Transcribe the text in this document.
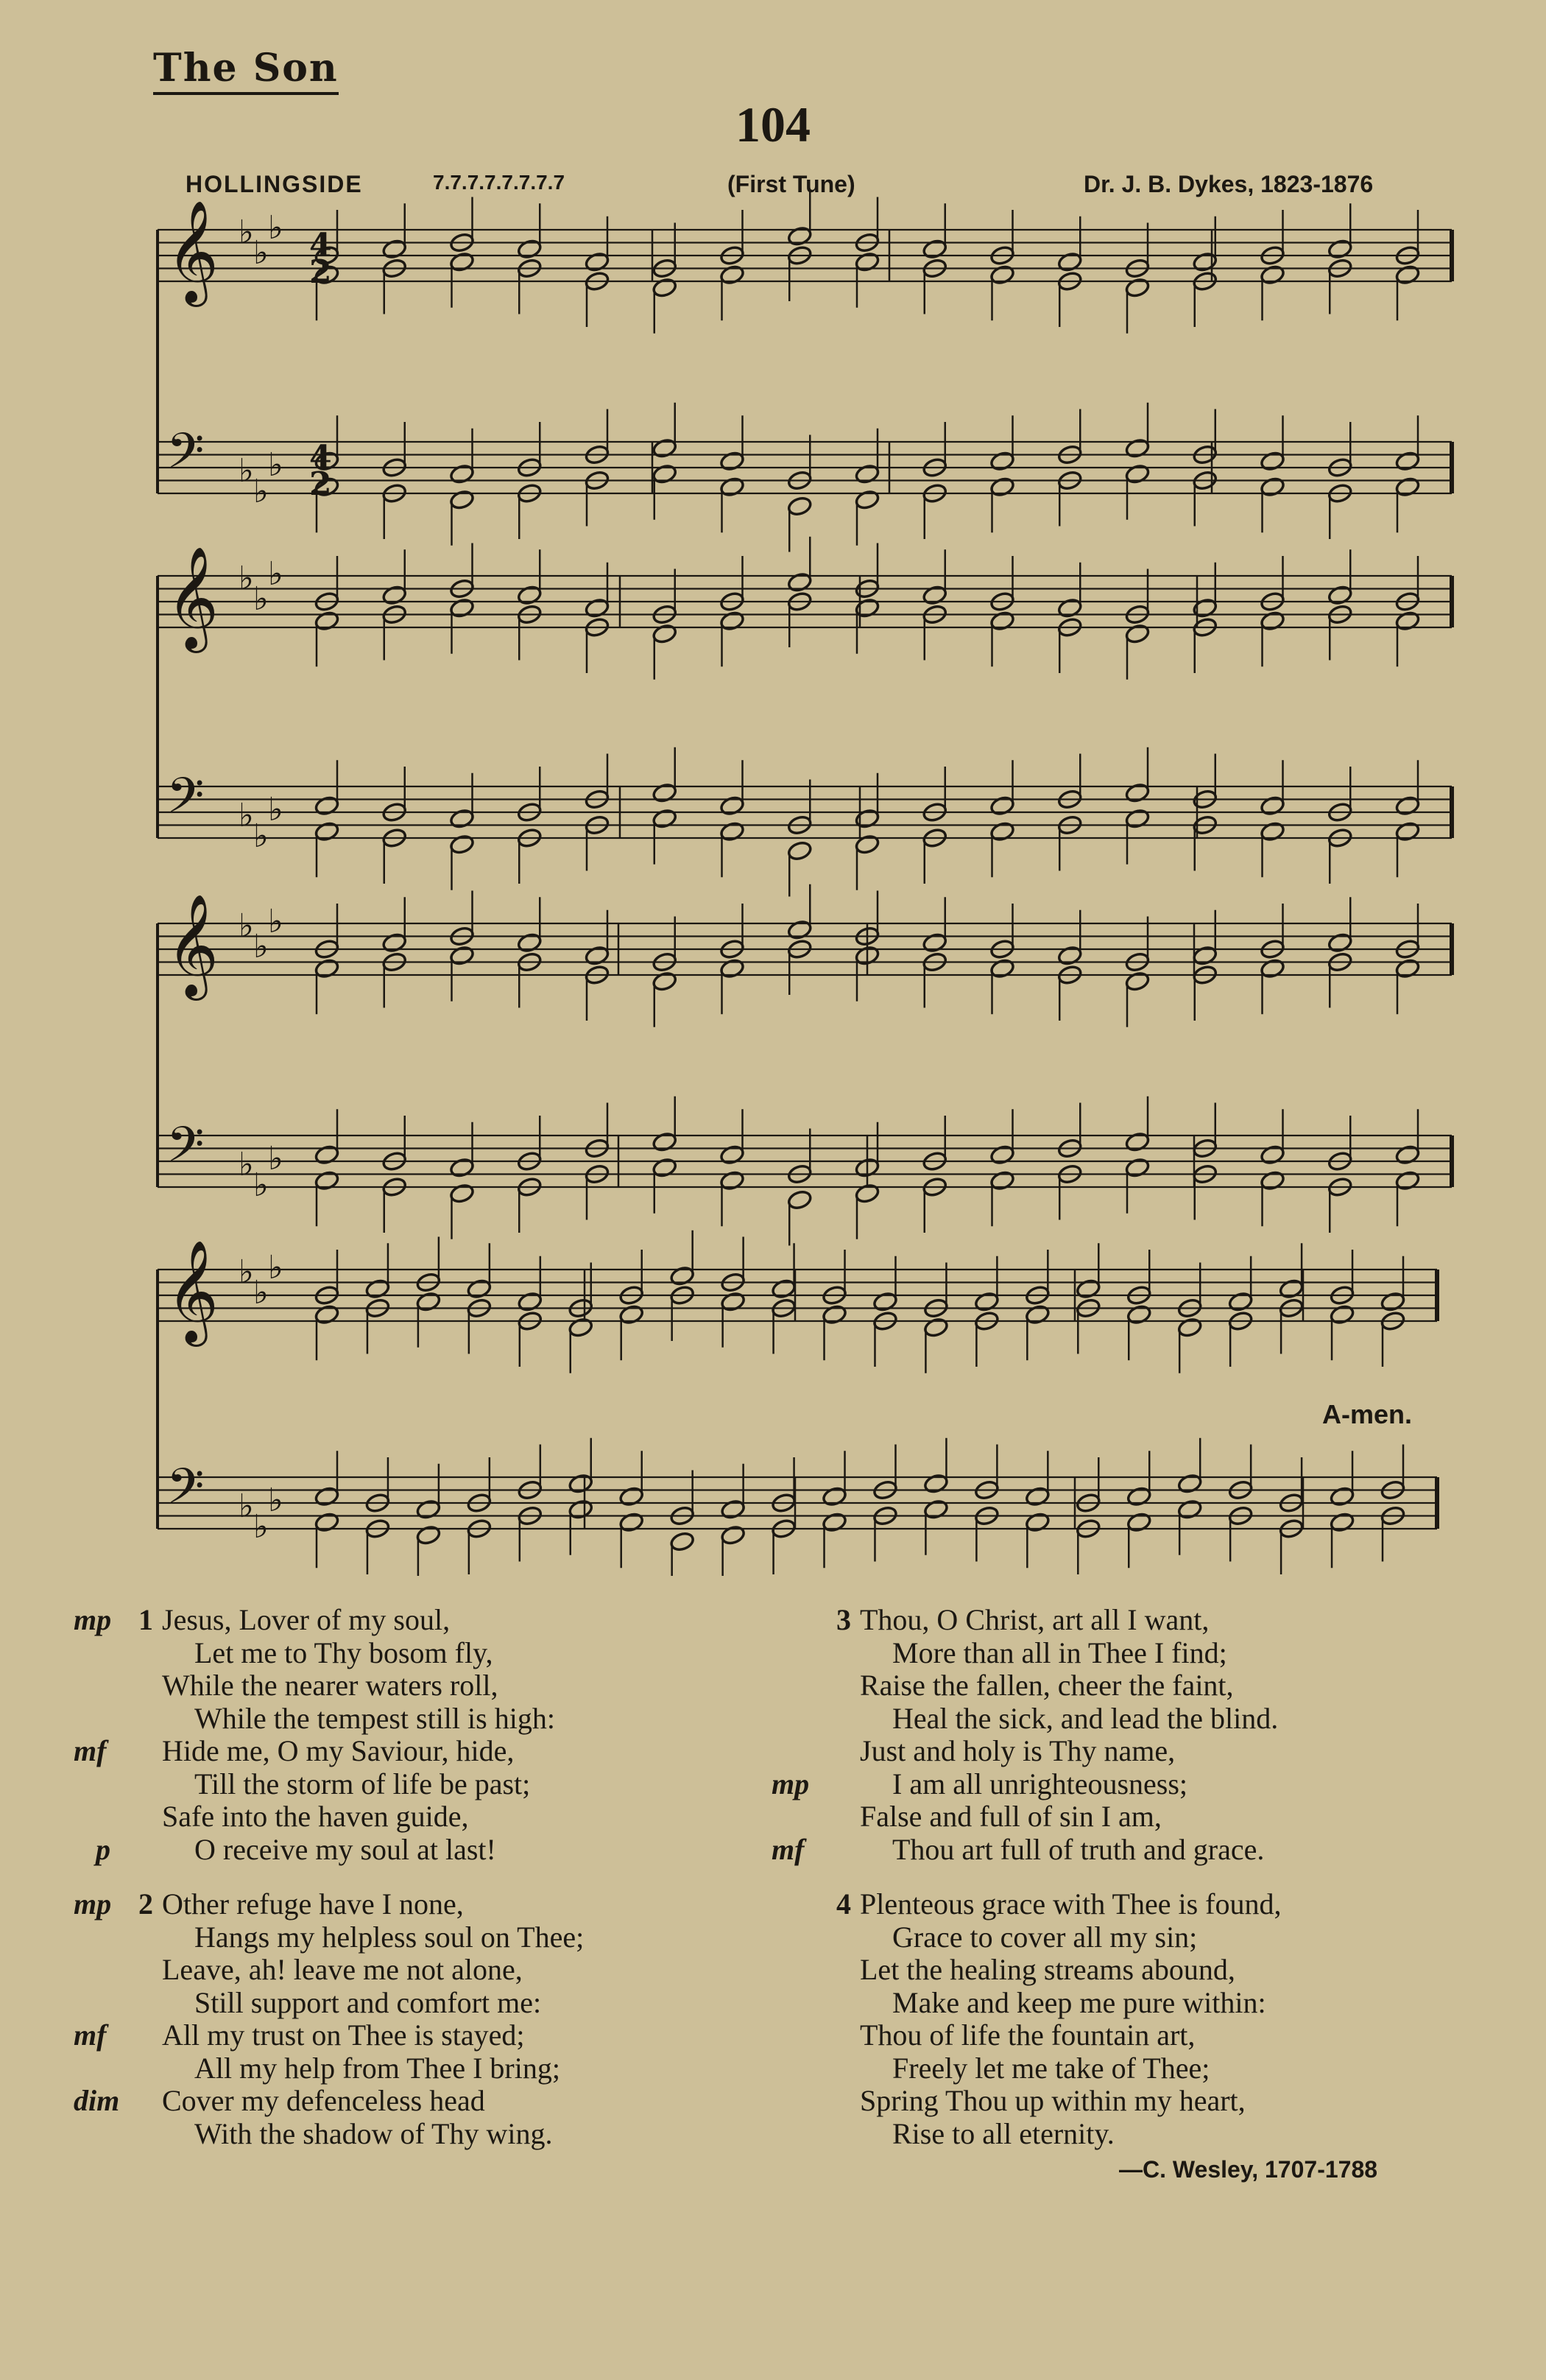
The Son
104
HOLLINGSIDE	7.7.7.7.7.7.7.7	(First Tune)	Dr. J. B. Dykes, 1823-1876
𝄞 ♭
♭
♭
𝄢 ♭
♭
♭
𝄞 ♭
♭
♭
𝄢 ♭
♭
♭
𝄞 ♭
♭
♭
𝄢 ♭
♭
♭
𝄞 ♭
♭
♭
𝄢 ♭
♭
♭
4
2
4
2
A-men.
mp 1 Jesus, Lover of my soul,
Let me to Thy bosom fly,
While the nearer waters roll,
While the tempest still is high:
mf Hide me, O my Saviour, hide,
Till the storm of life be past;
Safe into the haven guide,
p	O receive my soul at last!
mp 2 Other refuge have I none,
Hangs my helpless soul on Thee;
Leave, ah! leave me not alone,
Still support and comfort me:
mf All my trust on Thee is stayed;
All my help from Thee I bring;
dim Cover my defenceless head
With the shadow of Thy wing.
3 Thou, O Christ, art all I want,
More than all in Thee I find;
Raise the fallen, cheer the faint,
Heal the sick, and lead the blind.
Just and holy is Thy name,
mp	I am all unrighteousness;
False and full of sin I am,
mf	Thou art full of truth and grace.
4 Plenteous grace with Thee is found,
Grace to cover all my sin;
Let the healing streams abound,
Make and keep me pure within:
Thou of life the fountain art,
Freely let me take of Thee;
Spring Thou up within my heart,
Rise to all eternity.
—C. Wesley, 1707-1788
